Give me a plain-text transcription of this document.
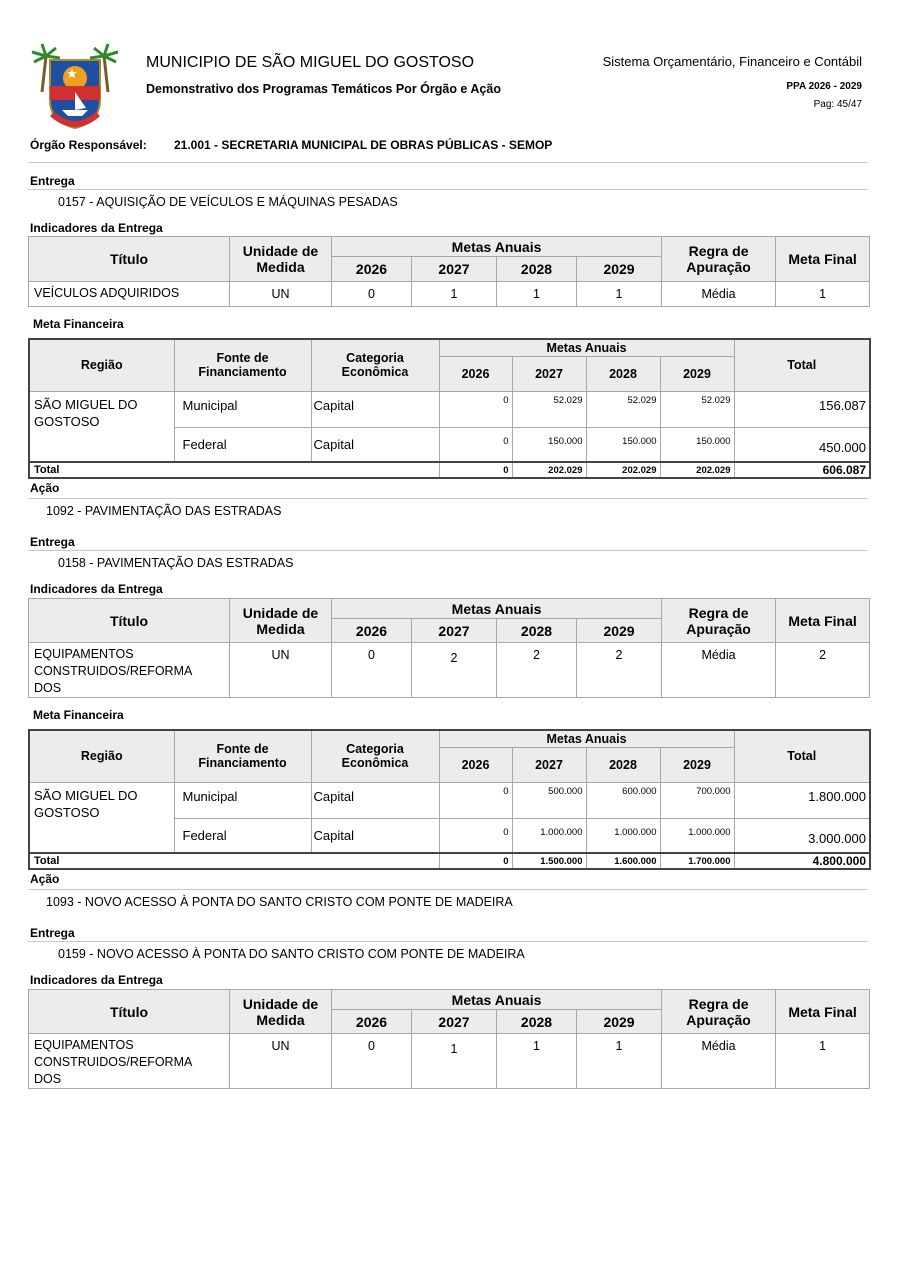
MUNICIPIO DE SÃO MIGUEL DO GOSTOSO
Demonstrativo dos Programas Temáticos Por Órgão e Ação
Sistema Orçamentário, Financeiro e Contábil
PPA 2026 - 2029
Pag: 45/47
Órgão Responsável: 21.001 - SECRETARIA MUNICIPAL DE OBRAS PÚBLICAS - SEMOP
Entrega
0157 - AQUISIÇÃO DE VEÍCULOS E MÁQUINAS PESADAS
Indicadores da Entrega
Título	Unidade de
Medida	Metas Anuais				Regra de
Apuração	Meta Final
		2026	2027	2028	2029		
VEÍCULOS ADQUIRIDOS	UN	0	1	1	1	Média	1
Meta Financeira
Região	Fonte de
Financiamento	Categoria
Econômica	Metas Anuais				Total
			2026	2027	2028	2029	
SÃO MIGUEL DO GOSTOSO	Municipal	Capital	0	52.029	52.029	52.029	156.087
	Federal	Capital	0	150.000	150.000	150.000	450.000
Total			0	202.029	202.029	202.029	606.087
Ação
1092 - PAVIMENTAÇÃO DAS ESTRADAS
Entrega
0158 - PAVIMENTAÇÃO DAS ESTRADAS
Indicadores da Entrega
Título	Unidade de
Medida	Metas Anuais				Regra de
Apuração	Meta Final
		2026	2027	2028	2029		
EQUIPAMENTOS
CONSTRUIDOS/REFORMA
DOS	UN	0	2	2	2	Média	2
Meta Financeira
Região	Fonte de
Financiamento	Categoria
Econômica	Metas Anuais				Total
			2026	2027	2028	2029	
SÃO MIGUEL DO GOSTOSO	Municipal	Capital	0	500.000	600.000	700.000	1.800.000
	Federal	Capital	0	1.000.000	1.000.000	1.000.000	3.000.000
Total			0	1.500.000	1.600.000	1.700.000	4.800.000
Ação
1093 - NOVO ACESSO À PONTA DO SANTO CRISTO COM PONTE DE MADEIRA
Entrega
0159 - NOVO ACESSO À PONTA DO SANTO CRISTO COM PONTE DE MADEIRA
Indicadores da Entrega
Título	Unidade de
Medida	Metas Anuais				Regra de
Apuração	Meta Final
		2026	2027	2028	2029		
EQUIPAMENTOS
CONSTRUIDOS/REFORMA
DOS	UN	0	1	1	1	Média	1
